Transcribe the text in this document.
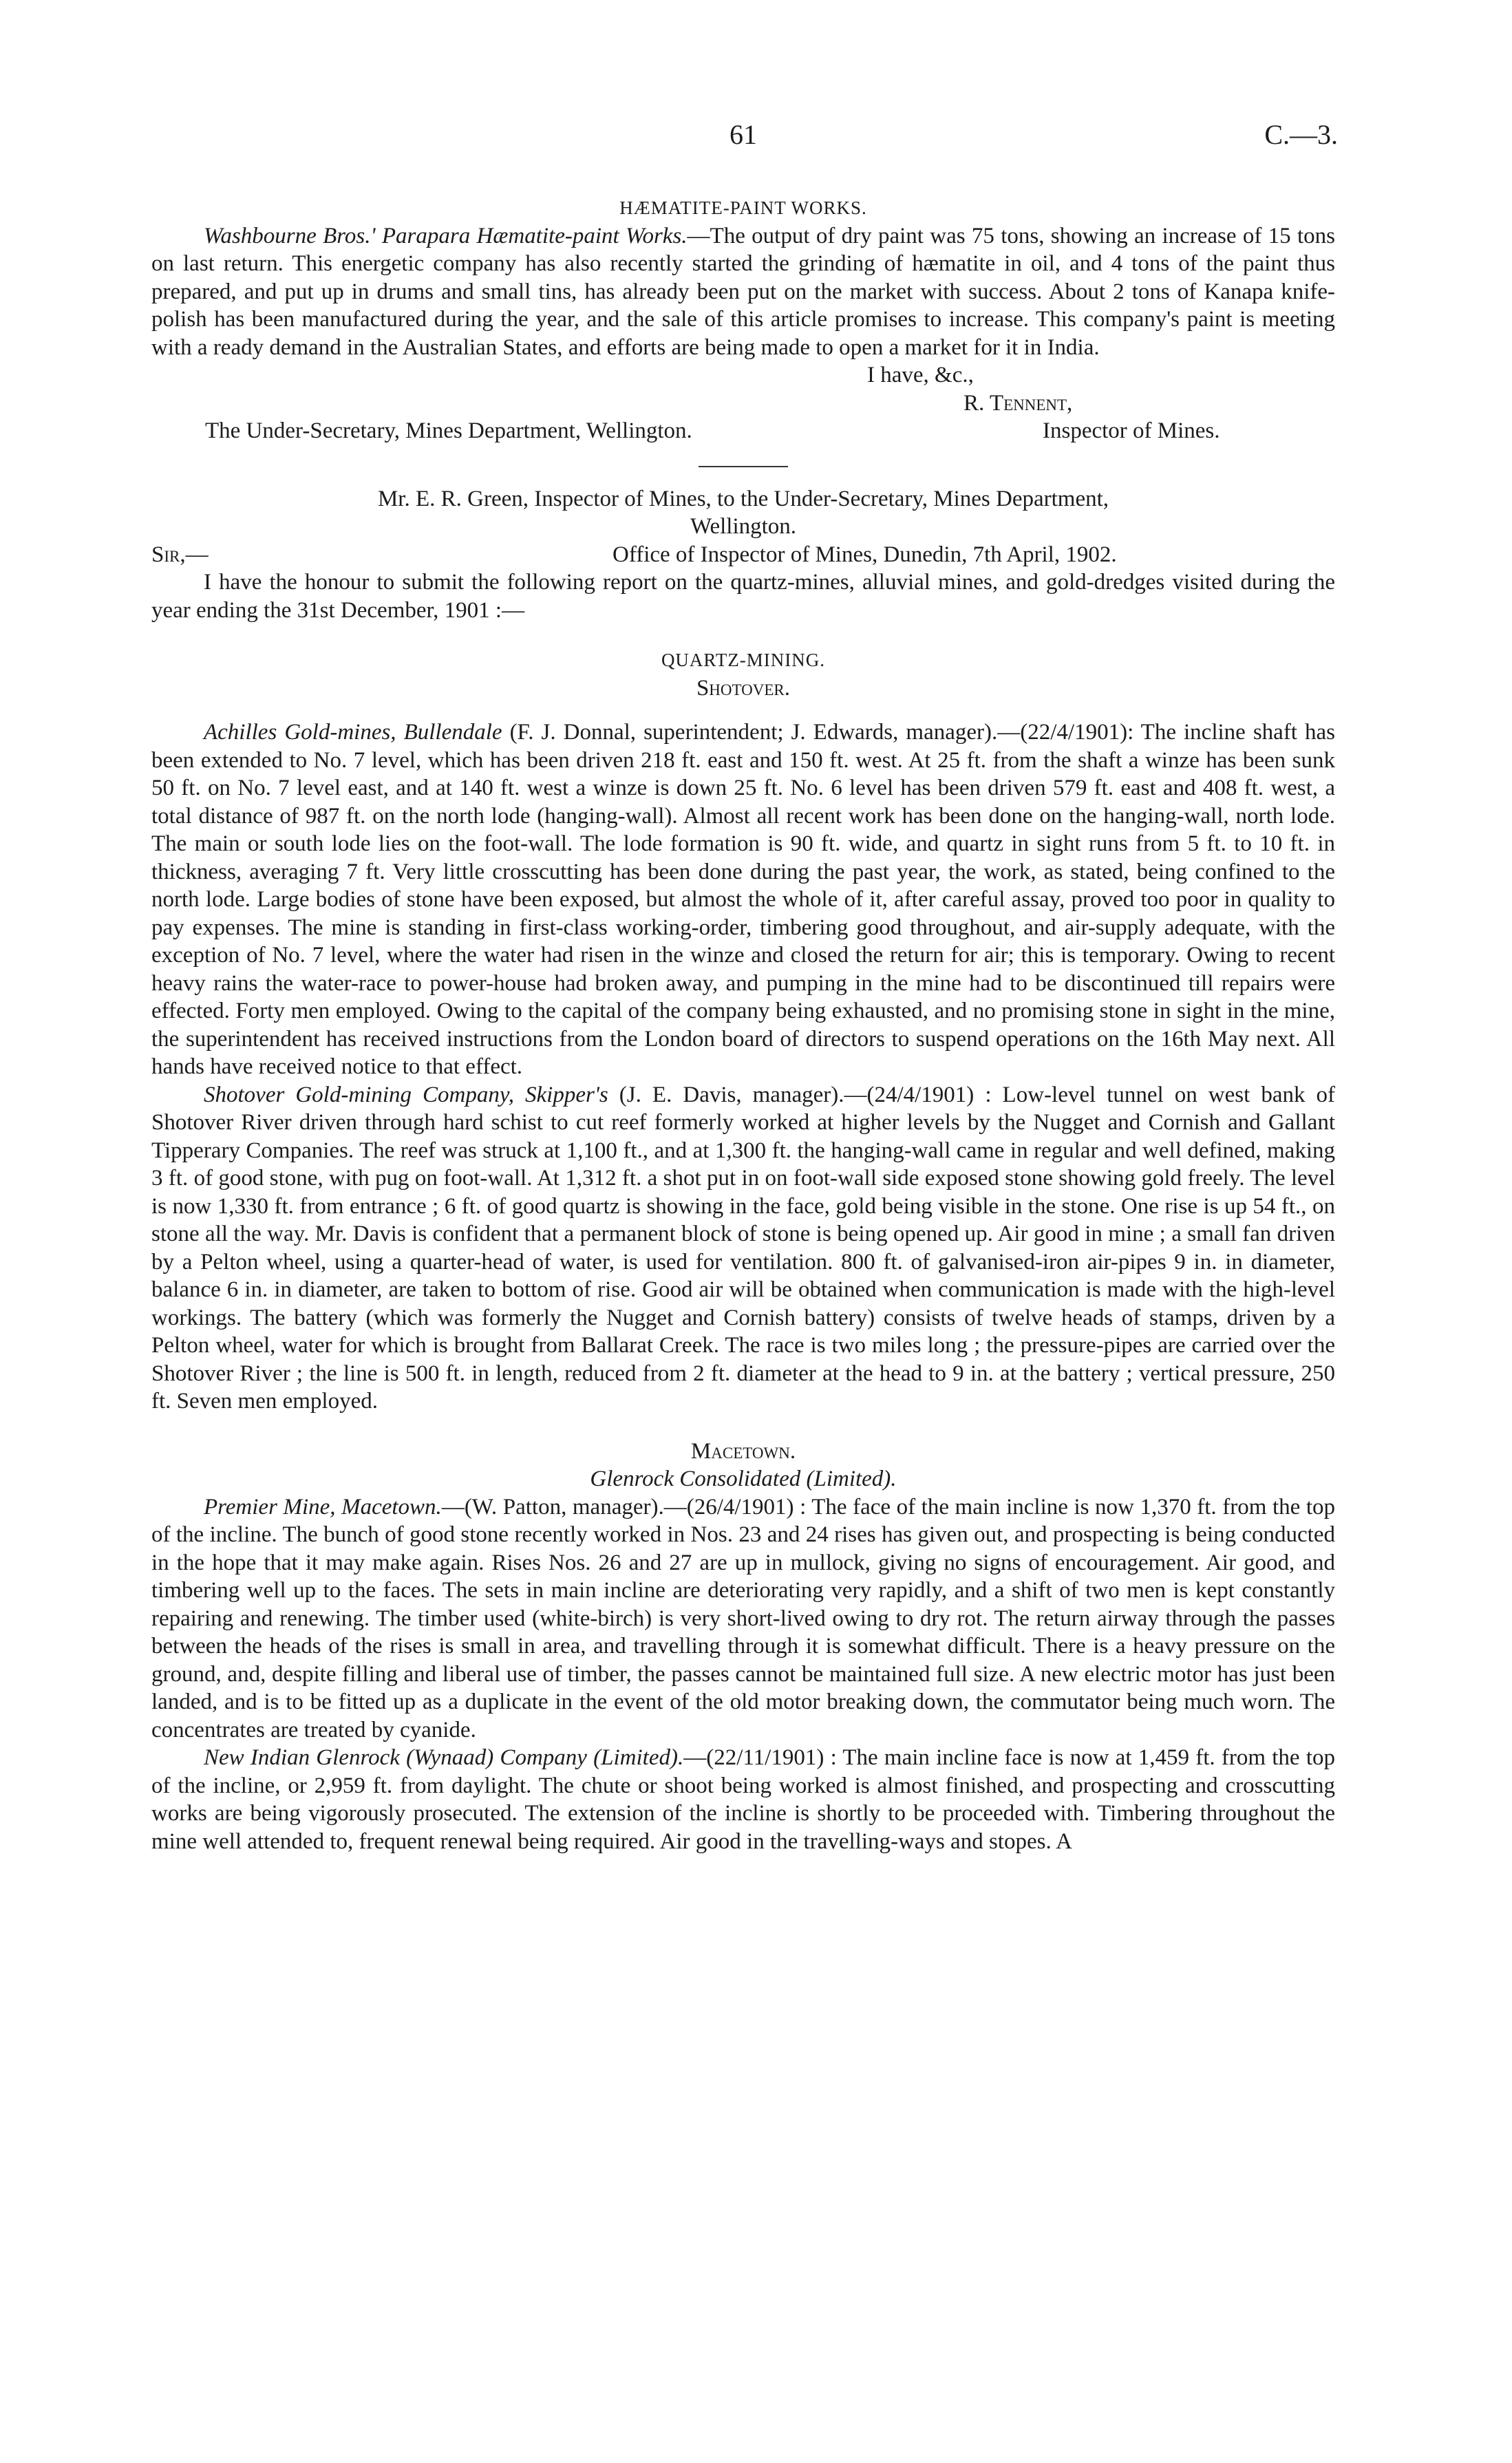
61	C.—3.

HÆMATITE-PAINT WORKS.

Washbourne Bros.' Parapara Hæmatite-paint Works.—The output of dry paint was 75 tons, showing an increase of 15 tons on last return. This energetic company has also recently started the grinding of hæmatite in oil, and 4 tons of the paint thus prepared, and put up in drums and small tins, has already been put on the market with success. About 2 tons of Kanapa knife-polish has been manufactured during the year, and the sale of this article promises to increase. This company's paint is meeting with a ready demand in the Australian States, and efforts are being made to open a market for it in India.

I have, &c.,
R. Tennent,
The Under-Secretary, Mines Department, Wellington.	Inspector of Mines.

Mr. E. R. Green, Inspector of Mines, to the Under-Secretary, Mines Department,

Wellington.

Sir,—	Office of Inspector of Mines, Dunedin, 7th April, 1902.

I have the honour to submit the following report on the quartz-mines, alluvial mines, and gold-dredges visited during the year ending the 31st December, 1901 :—

QUARTZ-MINING.

Shotover.

Achilles Gold-mines, Bullendale (F. J. Donnal, superintendent; J. Edwards, manager).—(22/4/1901): The incline shaft has been extended to No. 7 level, which has been driven 218 ft. east and 150 ft. west. At 25 ft. from the shaft a winze has been sunk 50 ft. on No. 7 level east, and at 140 ft. west a winze is down 25 ft. No. 6 level has been driven 579 ft. east and 408 ft. west, a total distance of 987 ft. on the north lode (hanging-wall). Almost all recent work has been done on the hanging-wall, north lode. The main or south lode lies on the foot-wall. The lode formation is 90 ft. wide, and quartz in sight runs from 5 ft. to 10 ft. in thickness, averaging 7 ft. Very little crosscutting has been done during the past year, the work, as stated, being confined to the north lode. Large bodies of stone have been exposed, but almost the whole of it, after careful assay, proved too poor in quality to pay expenses. The mine is standing in first-class working-order, timbering good throughout, and air-supply adequate, with the exception of No. 7 level, where the water had risen in the winze and closed the return for air; this is temporary. Owing to recent heavy rains the water-race to power-house had broken away, and pumping in the mine had to be discontinued till repairs were effected. Forty men employed. Owing to the capital of the company being exhausted, and no promising stone in sight in the mine, the superintendent has received instructions from the London board of directors to suspend operations on the 16th May next. All hands have received notice to that effect.

Shotover Gold-mining Company, Skipper's (J. E. Davis, manager).—(24/4/1901) : Low-level tunnel on west bank of Shotover River driven through hard schist to cut reef formerly worked at higher levels by the Nugget and Cornish and Gallant Tipperary Companies. The reef was struck at 1,100 ft., and at 1,300 ft. the hanging-wall came in regular and well defined, making 3 ft. of good stone, with pug on foot-wall. At 1,312 ft. a shot put in on foot-wall side exposed stone showing gold freely. The level is now 1,330 ft. from entrance ; 6 ft. of good quartz is showing in the face, gold being visible in the stone. One rise is up 54 ft., on stone all the way. Mr. Davis is confident that a permanent block of stone is being opened up. Air good in mine ; a small fan driven by a Pelton wheel, using a quarter-head of water, is used for ventilation. 800 ft. of galvanised-iron air-pipes 9 in. in diameter, balance 6 in. in diameter, are taken to bottom of rise. Good air will be obtained when communication is made with the high-level workings. The battery (which was formerly the Nugget and Cornish battery) consists of twelve heads of stamps, driven by a Pelton wheel, water for which is brought from Ballarat Creek. The race is two miles long ; the pressure-pipes are carried over the Shotover River ; the line is 500 ft. in length, reduced from 2 ft. diameter at the head to 9 in. at the battery ; vertical pressure, 250 ft. Seven men employed.

Macetown.

Glenrock Consolidated (Limited).

Premier Mine, Macetown.—(W. Patton, manager).—(26/4/1901) : The face of the main incline is now 1,370 ft. from the top of the incline. The bunch of good stone recently worked in Nos. 23 and 24 rises has given out, and prospecting is being conducted in the hope that it may make again. Rises Nos. 26 and 27 are up in mullock, giving no signs of encouragement. Air good, and timbering well up to the faces. The sets in main incline are deteriorating very rapidly, and a shift of two men is kept constantly repairing and renewing. The timber used (white-birch) is very short-lived owing to dry rot. The return airway through the passes between the heads of the rises is small in area, and travelling through it is somewhat difficult. There is a heavy pressure on the ground, and, despite filling and liberal use of timber, the passes cannot be maintained full size. A new electric motor has just been landed, and is to be fitted up as a duplicate in the event of the old motor breaking down, the commutator being much worn. The concentrates are treated by cyanide.

New Indian Glenrock (Wynaad) Company (Limited).—(22/11/1901) : The main incline face is now at 1,459 ft. from the top of the incline, or 2,959 ft. from daylight. The chute or shoot being worked is almost finished, and prospecting and crosscutting works are being vigorously prosecuted. The extension of the incline is shortly to be proceeded with. Timbering throughout the mine well attended to, frequent renewal being required. Air good in the travelling-ways and stopes. A
